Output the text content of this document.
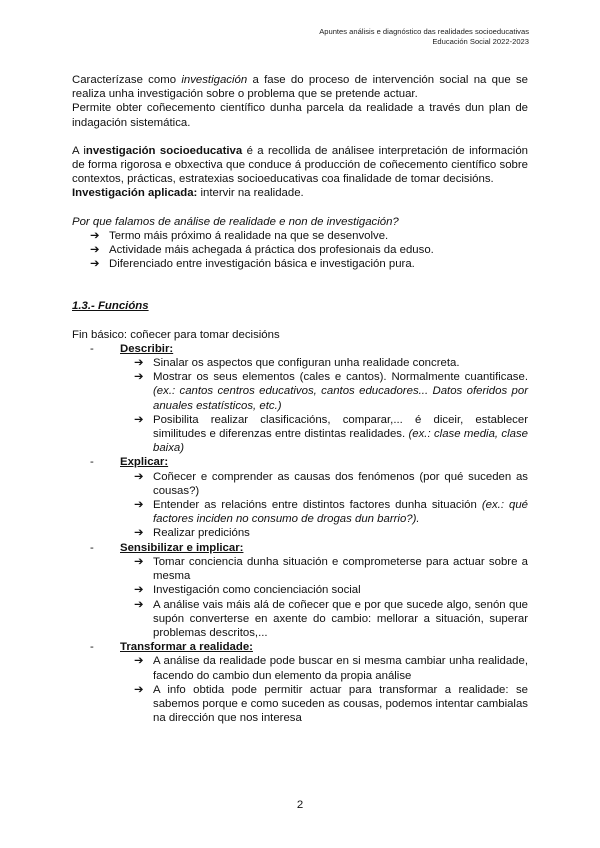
Apuntes análisis e diagnóstico das realidades socioeducativas
Educación Social 2022-2023

Caracterízase como investigación a fase do proceso de intervención social na que se realiza unha investigación sobre o problema que se pretende actuar.

Permite obter coñecemento científico dunha parcela da realidade a través dun plan de indagación sistemática.

A investigación socioeducativa é a recollida de análisee interpretación de información de forma rigorosa e obxectiva que conduce á producción de coñecemento científico sobre contextos, prácticas, estratexias socioeducativas coa finalidade de tomar decisións.

Investigación aplicada: intervir na realidade.

Por que falamos de análise de realidade e non de investigación?

➔ Termo máis próximo á realidade na que se desenvolve.
➔ Actividade máis achegada á práctica dos profesionais da eduso.
➔ Diferenciado entre investigación básica e investigación pura.

1.3.- Funcións

Fin básico: coñecer para tomar decisións

- Describir:
➔ Sinalar os aspectos que configuran unha realidade concreta.
➔ Mostrar os seus elementos (cales e cantos). Normalmente cuantificase. (ex.: cantos centros educativos, cantos educadores... Datos oferidos por anuales estatísticos, etc.)
➔ Posibilita realizar clasificacións, comparar,... é diceir, establecer similitudes e diferenzas entre distintas realidades. (ex.: clase media, clase baixa)
- Explicar:
➔ Coñecer e comprender as causas dos fenómenos (por qué suceden as cousas?)
➔ Entender as relacións entre distintos factores dunha situación (ex.: qué factores inciden no consumo de drogas dun barrio?).
➔ Realizar predicións
- Sensibilizar e implicar:
➔ Tomar conciencia dunha situación e comprometerse para actuar sobre a mesma
➔ Investigación como concienciación social
➔ A análise vais máis alá de coñecer que e por que sucede algo, senón que supón converterse en axente do cambio: mellorar a situación, superar problemas descritos,...
- Transformar a realidade:
➔ A análise da realidade pode buscar en si mesma cambiar unha realidade, facendo do cambio dun elemento da propia análise
➔ A info obtida pode permitir actuar para transformar a realidade: se sabemos porque e como suceden as cousas, podemos intentar cambialas na dirección que nos interesa
2
